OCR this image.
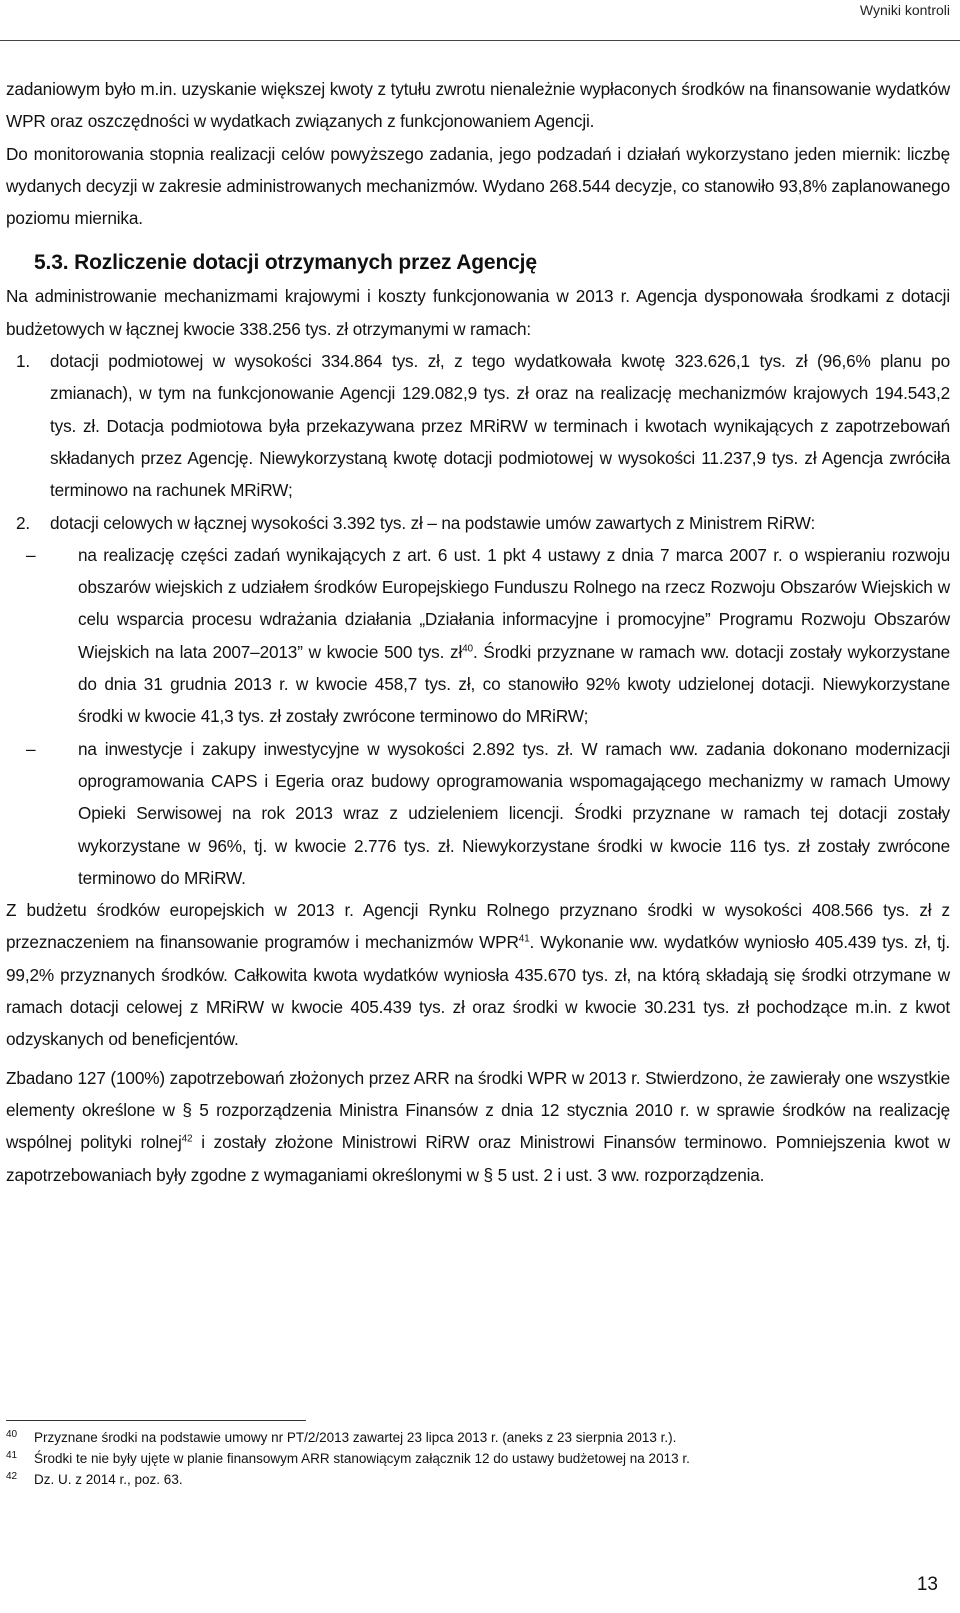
Wyniki kontroli

zadaniowym było m.in. uzyskanie większej kwoty z tytułu zwrotu nienależnie wypłaconych środków na finansowanie wydatków WPR oraz oszczędności w wydatkach związanych z funkcjonowaniem Agencji.

Do monitorowania stopnia realizacji celów powyższego zadania, jego podzadań i działań wykorzystano jeden miernik: liczbę wydanych decyzji w zakresie administrowanych mechanizmów. Wydano 268.544 decyzje, co stanowiło 93,8% zaplanowanego poziomu miernika.

5.3. Rozliczenie dotacji otrzymanych przez Agencję

Na administrowanie mechanizmami krajowymi i koszty funkcjonowania w 2013 r. Agencja dysponowała środkami z dotacji budżetowych w łącznej kwocie 338.256 tys. zł otrzymanymi w ramach:

1. dotacji podmiotowej w wysokości 334.864 tys. zł, z tego wydatkowała kwotę 323.626,1 tys. zł (96,6% planu po zmianach), w tym na funkcjonowanie Agencji 129.082,9 tys. zł oraz na realizację mechanizmów krajowych 194.543,2 tys. zł. Dotacja podmiotowa była przekazywana przez MRiRW w terminach i kwotach wynikających z zapotrzebowań składanych przez Agencję. Niewykorzystaną kwotę dotacji podmiotowej w wysokości 11.237,9 tys. zł Agencja zwróciła terminowo na rachunek MRiRW;
2. dotacji celowych w łącznej wysokości 3.392 tys. zł – na podstawie umów zawartych z Ministrem RiRW:
– na realizację części zadań wynikających z art. 6 ust. 1 pkt 4 ustawy z dnia 7 marca 2007 r. o wspieraniu rozwoju obszarów wiejskich z udziałem środków Europejskiego Funduszu Rolnego na rzecz Rozwoju Obszarów Wiejskich w celu wsparcia procesu wdrażania działania „Działania informacyjne i promocyjne” Programu Rozwoju Obszarów Wiejskich na lata 2007–2013” w kwocie 500 tys. $zł^{40}$. Środki przyznane w ramach ww. dotacji zostały wykorzystane do dnia 31 grudnia 2013 r. w kwocie 458,7 tys. zł, co stanowiło 92% kwoty udzielonej dotacji. Niewykorzystane środki w kwocie 41,3 tys. zł zostały zwrócone terminowo do MRiRW;
– na inwestycje i zakupy inwestycyjne w wysokości 2.892 tys. zł. W ramach ww. zadania dokonano modernizacji oprogramowania CAPS i Egeria oraz budowy oprogramowania wspomagającego mechanizmy w ramach Umowy Opieki Serwisowej na rok 2013 wraz z udzieleniem licencji. Środki przyznane w ramach tej dotacji zostały wykorzystane w 96%, tj. w kwocie 2.776 tys. zł. Niewykorzystane środki w kwocie 116 tys. zł zostały zwrócone terminowo do MRiRW.

Z budżetu środków europejskich w 2013 r. Agencji Rynku Rolnego przyznano środki w wysokości 408.566 tys. zł z przeznaczeniem na finansowanie programów i mechanizmów WPR$^{41}$. Wykonanie ww. wydatków wyniosło 405.439 tys. zł, tj. 99,2% przyznanych środków. Całkowita kwota wydatków wyniosła 435.670 tys. zł, na którą składają się środki otrzymane w ramach dotacji celowej z MRiRW w kwocie 405.439 tys. zł oraz środki w kwocie 30.231 tys. zł pochodzące m.in. z kwot odzyskanych od beneficjentów.

Zbadano 127 (100%) zapotrzebowań złożonych przez ARR na środki WPR w 2013 r. Stwierdzono, że zawierały one wszystkie elementy określone w § 5 rozporządzenia Ministra Finansów z dnia 12 stycznia 2010 r. w sprawie środków na realizację wspólnej polityki rolnej$^{42}$ i zostały złożone Ministrowi RiRW oraz Ministrowi Finansów terminowo. Pomniejszenia kwot w zapotrzebowaniach były zgodne z wymaganiami określonymi w § 5 ust. 2 i ust. 3 ww. rozporządzenia.

40 Przyznane środki na podstawie umowy nr PT/2/2013 zawartej 23 lipca 2013 r. (aneks z 23 sierpnia 2013 r.).
41 Środki te nie były ujęte w planie finansowym ARR stanowiącym załącznik 12 do ustawy budżetowej na 2013 r.
42 Dz. U. z 2014 r., poz. 63.
13
